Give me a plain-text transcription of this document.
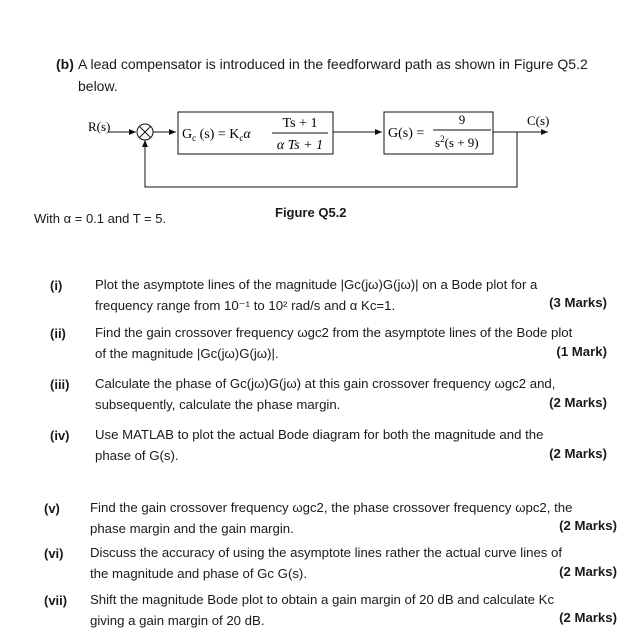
(b) A lead compensator is introduced in the feedforward path as shown in Figure Q5.2
below.
R(s)
$G_c$ $(s) = K_c\alpha$
Ts + 1
α Ts + 1
G(s) =
9
$s^2(s + 9)$
C(s)
With α = 0.1 and T = 5.	Figure Q5.2
(i) Plot the asymptote lines of the magnitude |Gc(jω)G(jω)| on a Bode plot for a
frequency range from 10⁻¹ to 10² rad/s and α Kc=1.	(3 Marks)
(ii) Find the gain crossover frequency ωgc2 from the asymptote lines of the Bode plot
of the magnitude |Gc(jω)G(jω)|.	(1 Mark)
(iii) Calculate the phase of Gc(jω)G(jω) at this gain crossover frequency ωgc2 and,
subsequently, calculate the phase margin.	(2 Marks)
(iv) Use MATLAB to plot the actual Bode diagram for both the magnitude and the
phase of G(s).	(2 Marks)
(v) Find the gain crossover frequency ωgc2, the phase crossover frequency ωpc2, the
phase margin and the gain margin.	(2 Marks)
(vi) Discuss the accuracy of using the asymptote lines rather the actual curve lines of
the magnitude and phase of Gc G(s).	(2 Marks)
(vii) Shift the magnitude Bode plot to obtain a gain margin of 20 dB and calculate Kc
giving a gain margin of 20 dB.	(2 Marks)
